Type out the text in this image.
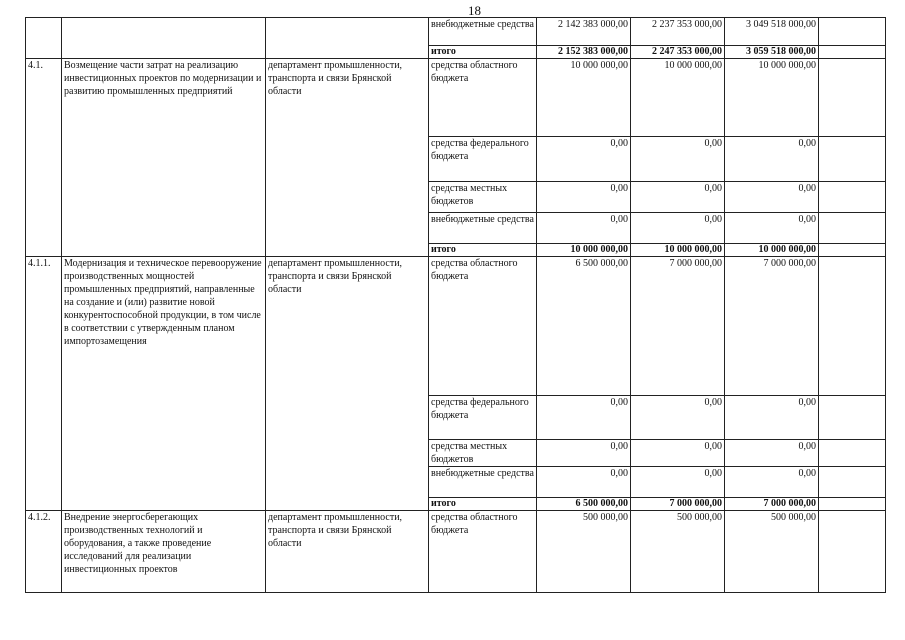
18
			внебюджетные средства	2 142 383 000,00	2 237 353 000,00	3 049 518 000,00	
			итого	2 152 383 000,00	2 247 353 000,00	3 059 518 000,00	
4.1.	Возмещение части затрат на реализацию инвестиционных проектов по модернизации и развитию промышленных предприятий	департамент промышленности, транспорта и связи Брянской области	средства областного бюджета	10 000 000,00	10 000 000,00	10 000 000,00	
			средства федерального бюджета	0,00	0,00	0,00	
			средства местных бюджетов	0,00	0,00	0,00	
			внебюджетные средства	0,00	0,00	0,00	
			итого	10 000 000,00	10 000 000,00	10 000 000,00	
4.1.1.	Модернизация и техническое перевооружение производственных мощностей промышленных предприятий, направленные на создание и (или) развитие новой конкурентоспособной продукции, в том числе в соответствии с утвержденным планом импортозамещения	департамент промышленности, транспорта и связи Брянской области	средства областного бюджета	6 500 000,00	7 000 000,00	7 000 000,00	
			средства федерального бюджета	0,00	0,00	0,00	
			средства местных бюджетов	0,00	0,00	0,00	
			внебюджетные средства	0,00	0,00	0,00	
			итого	6 500 000,00	7 000 000,00	7 000 000,00	
4.1.2.	Внедрение энергосберегающих производственных технологий и оборудования, а также проведение исследований для реализации инвестиционных проектов	департамент промышленности, транспорта и связи Брянской области	средства областного бюджета	500 000,00	500 000,00	500 000,00	
